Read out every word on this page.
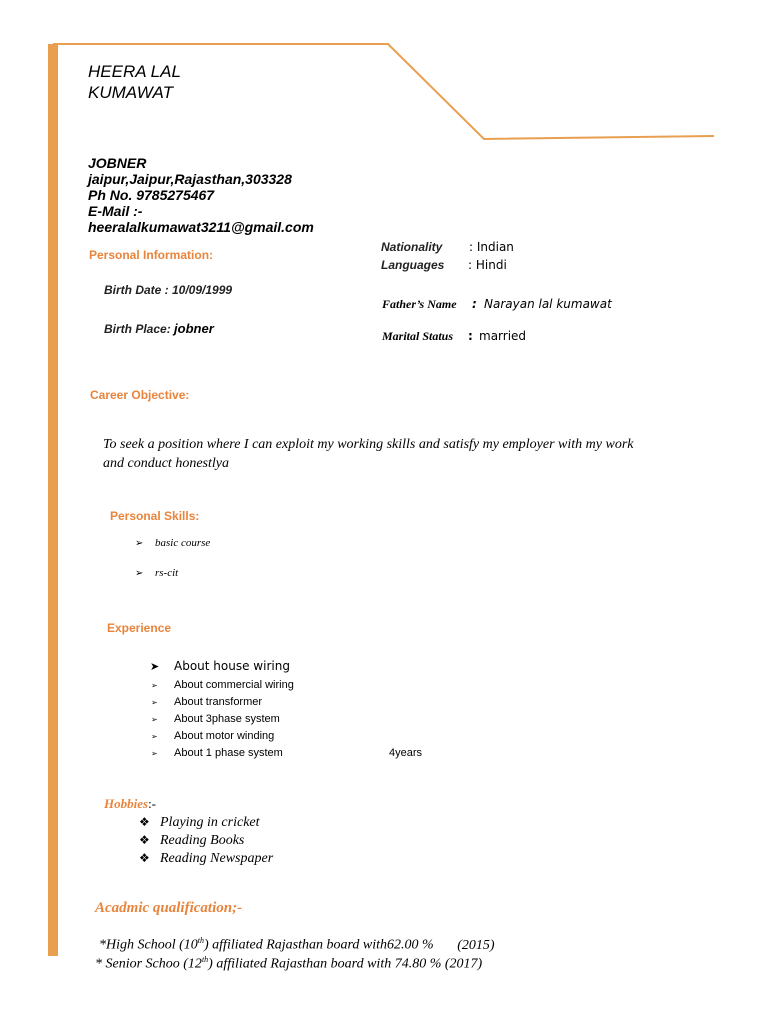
HEERA LAL
KUMAWAT
JOBNER
jaipur,Jaipur,Rajasthan,303328
Ph No. 9785275467
E-Mail :-
heeralalkumawat3211@gmail.com
Personal Information:
Birth Date : 10/09/1999
Birth Place: jobner
Nationality : Indian
Languages : Hindi
Father’s Name : Narayan lal kumawat
Marital Status : married
Career Objective:
To seek a position where I can exploit my working skills and satisfy my employer with my work
and conduct honestlya
Personal Skills:
➢ basic course
➢ rs-cit
Experience
➤ About house wiring
➢ About commercial wiring
➢ About transformer
➢ About 3phase system
➢ About motor winding
➢ About 1 phase system	4years
Hobbies:-
❖ Playing in cricket
❖ Reading Books
❖ Reading Newspaper
Acadmic qualification;-
*High School (10th) affiliated Rajasthan board with62.00 % (2015)
* Senior Schoo (12th) affiliated Rajasthan board with 74.80 % (2017)
